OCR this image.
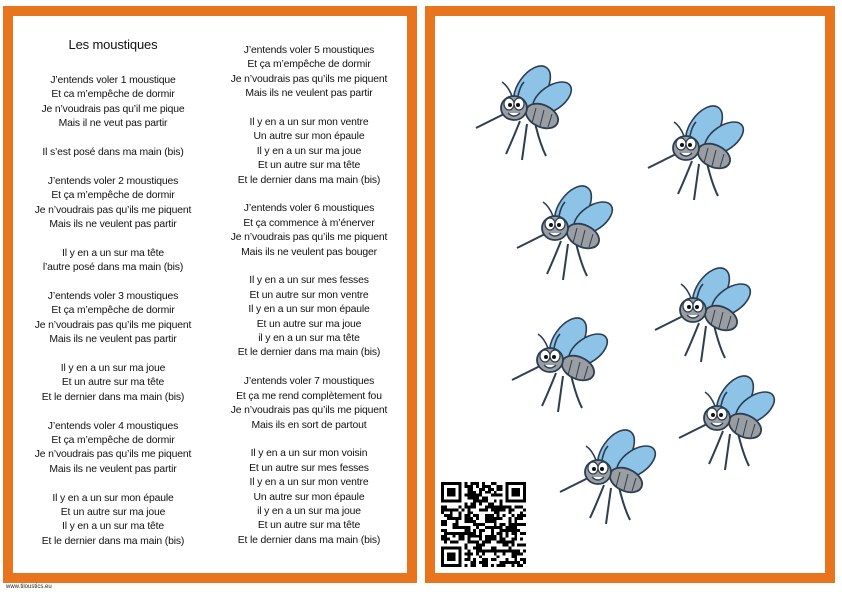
Les moustiques
J’entends voler 1 moustique
Et ca m’empêche de dormir
Je n’voudrais pas qu’il me pique
Mais il ne veut pas partir
Il s’est posé dans ma main (bis)
J’entends voler 2 moustiques
Et ça m’empêche de dormir
Je n’voudrais pas qu’ils me piquent
Mais ils ne veulent pas partir
Il y en a un sur ma tête
l’autre posé dans ma main (bis)
J’entends voler 3 moustiques
Et ça m’empêche de dormir
Je n’voudrais pas qu’ils me piquent
Mais ils ne veulent pas partir
Il y en a un sur ma joue
Et un autre sur ma tête
Et le dernier dans ma main (bis)
J’entends voler 4 moustiques
Et ça m’empêche de dormir
Je n’voudrais pas qu’ils me piquent
Mais ils ne veulent pas partir
Il y en a un sur mon épaule
Et un autre sur ma joue
Il y en a un sur ma tête
Et le dernier dans ma main (bis)
J’entends voler 5 moustiques
Et ça m’empêche de dormir
Je n’voudrais pas qu’ils me piquent
Mais ils ne veulent pas partir
Il y en a un sur mon ventre
Un autre sur mon épaule
Il y en a un sur ma joue
Et un autre sur ma tête
Et le dernier dans ma main (bis)
J’entends voler 6 moustiques
Et ça commence à m’énerver
Je n’voudrais pas qu’ils me piquent
Mais ils ne veulent pas bouger
Il y en a un sur mes fesses
Et un autre sur mon ventre
Il y en a un sur mon épaule
Et un autre sur ma joue
il y en a un sur ma tête
Et le dernier dans ma main (bis)
J’entends voler 7 moustiques
Et ça me rend complètement fou
Je n’voudrais pas qu’ils me piquent
Mais ils en sort de partout
Il y en a un sur mon voisin
Et un autre sur mes fesses
Il y en a un sur mon ventre
Un autre sur mon épaule
il y en a un sur ma joue
Et un autre sur ma tête
Et le dernier dans ma main (bis)
www.tiloustics.eu
